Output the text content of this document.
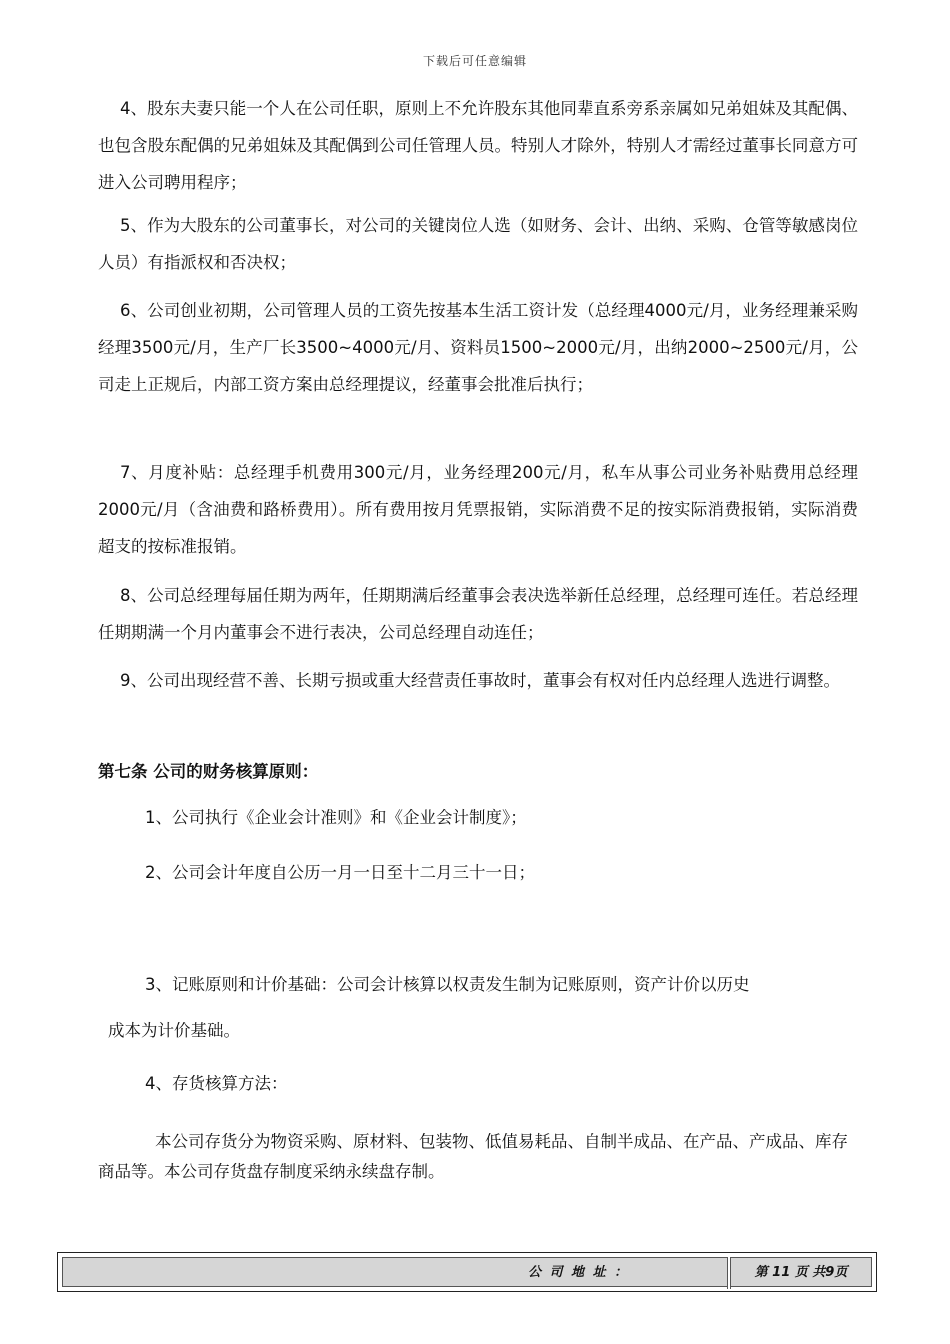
下载后可任意编辑
4、股东夫妻只能一个人在公司任职，原则上不允许股东其他同辈直系旁系亲属如兄弟姐妹及其配偶、也包含股东配偶的兄弟姐妹及其配偶到公司任管理人员。特别人才除外，特别人才需经过董事长同意方可进入公司聘用程序；
5、作为大股东的公司董事长，对公司的关键岗位人选（如财务、会计、出纳、采购、仓管等敏感岗位人员）有指派权和否决权；
6、公司创业初期，公司管理人员的工资先按基本生活工资计发（总经理4000元/月，业务经理兼采购经理3500元/月，生产厂长3500~4000元/月、资料员1500~2000元/月，出纳2000~2500元/月，公司走上正规后，内部工资方案由总经理提议，经董事会批准后执行；
7、月度补贴：总经理手机费用300元/月，业务经理200元/月，私车从事公司业务补贴费用总经理2000元/月（含油费和路桥费用）。所有费用按月凭票报销，实际消费不足的按实际消费报销，实际消费超支的按标准报销。
8、公司总经理每届任期为两年，任期期满后经董事会表决选举新任总经理，总经理可连任。若总经理任期期满一个月内董事会不进行表决，公司总经理自动连任；
9、公司出现经营不善、长期亏损或重大经营责任事故时，董事会有权对任内总经理人选进行调整。
第七条 公司的财务核算原则：
1、公司执行《企业会计准则》和《企业会计制度》；
2、公司会计年度自公历一月一日至十二月三十一日；
3、记账原则和计价基础：公司会计核算以权责发生制为记账原则，资产计价以历史
成本为计价基础。
4、存货核算方法：
本公司存货分为物资采购、原材料、包装物、低值易耗品、自制半成品、在产品、产成品、库存商品等。本公司存货盘存制度采纳永续盘存制。
公 司 地 址 ：	第 11 页 共9页
